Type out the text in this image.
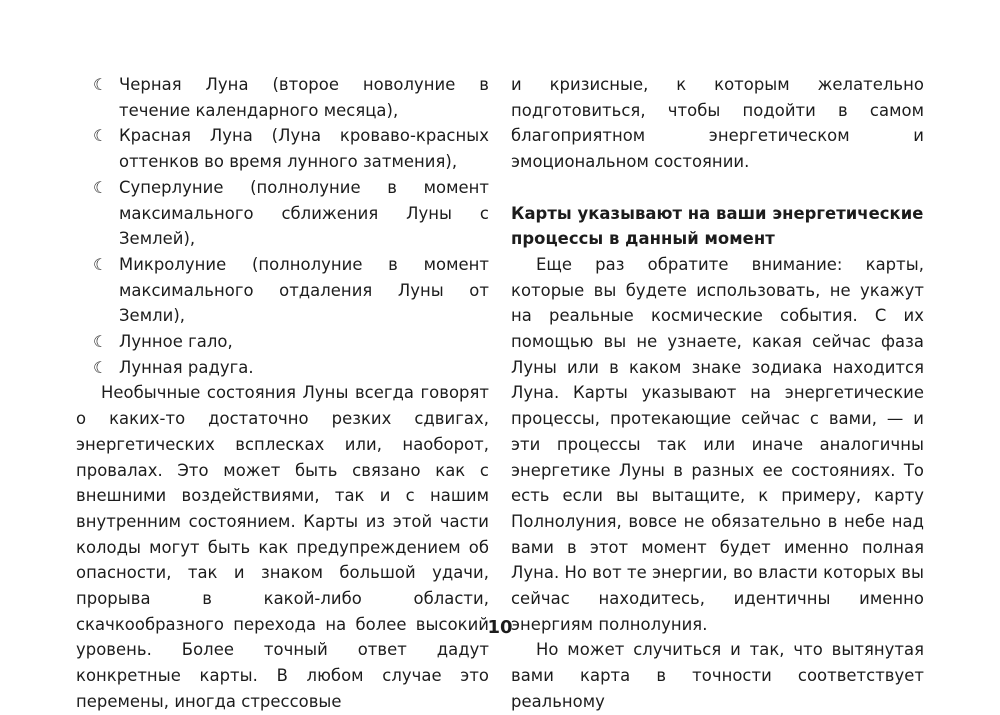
☾ Черная Луна (второе новолуние в течение календарного месяца),
☾ Красная Луна (Луна кроваво-красных оттенков во время лунного затмения),
☾ Суперлуние (полнолуние в момент максимального сближения Луны с Землей),
☾ Микролуние (полнолуние в момент максимального отдаления Луны от Земли),
☾ Лунное гало,
☾ Лунная радуга.
Необычные состояния Луны всегда говорят о каких-то достаточно резких сдвигах, энергетических всплесках или, наоборот, провалах. Это может быть связано как с внешними воздействиями, так и с нашим внутренним состоянием. Карты из этой части колоды могут быть как предупреждением об опасности, так и знаком большой удачи, прорыва в какой-либо области, скачкообразного перехода на более высокий уровень. Более точный ответ дадут конкретные карты. В любом случае это перемены, иногда стрессовые
и кризисные, к которым желательно подготовиться, чтобы подойти в самом благоприятном энергетическом и эмоциональном состоянии.
Карты указывают на ваши энергетические процессы в данный момент
Еще раз обратите внимание: карты, которые вы будете использовать, не укажут на реальные космические события. С их помощью вы не узнаете, какая сейчас фаза Луны или в каком знаке зодиака находится Луна. Карты указывают на энергетические процессы, протекающие сейчас с вами, — и эти процессы так или иначе аналогичны энергетике Луны в разных ее состояниях. То есть если вы вытащите, к примеру, карту Полнолуния, вовсе не обязательно в небе над вами в этот момент будет именно полная Луна. Но вот те энергии, во власти которых вы сейчас находитесь, идентичны именно энергиям полнолуния.
Но может случиться и так, что вытянутая вами карта в точности соответствует реальному
10
